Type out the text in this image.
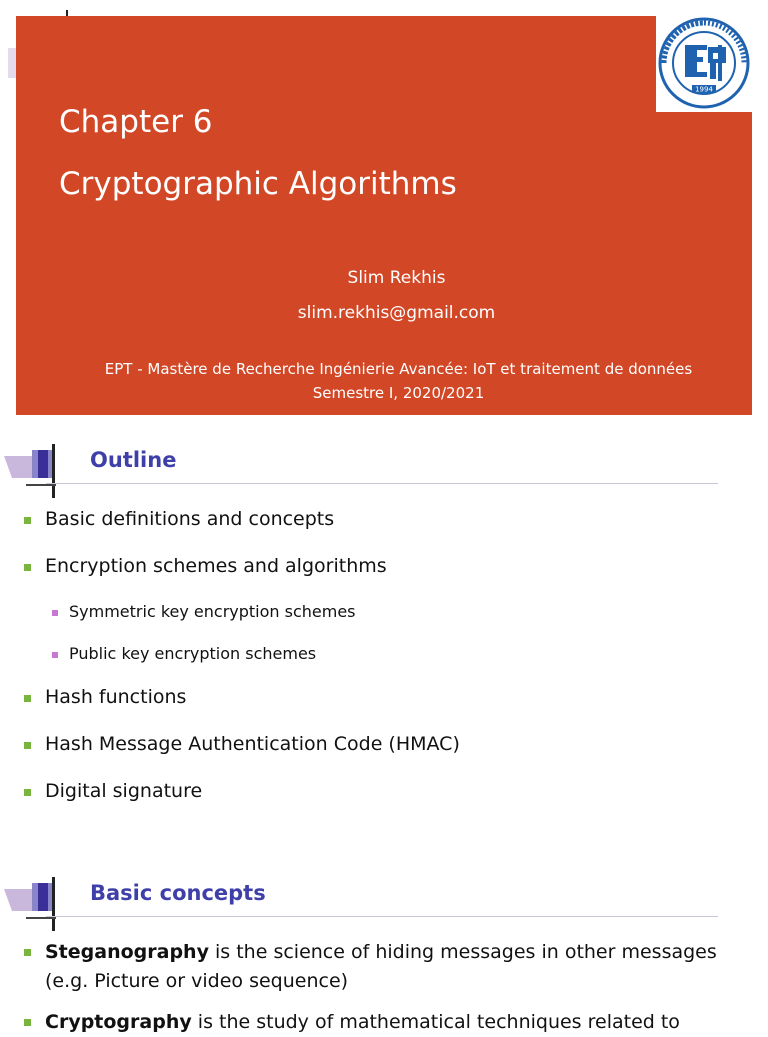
1994
Chapter 6
Cryptographic Algorithms
Slim Rekhis
slim.rekhis@gmail.com
EPT - Mastère de Recherche Ingénierie Avancée: IoT et traitement de données
Semestre I, 2020/2021
Outline
Basic definitions and concepts
Encryption schemes and algorithms
Symmetric key encryption schemes
Public key encryption schemes
Hash functions
Hash Message Authentication Code (HMAC)
Digital signature
Basic concepts
Steganography is the science of hiding messages in other messages (e.g. Picture or video sequence)
Cryptography is the study of mathematical techniques related to
